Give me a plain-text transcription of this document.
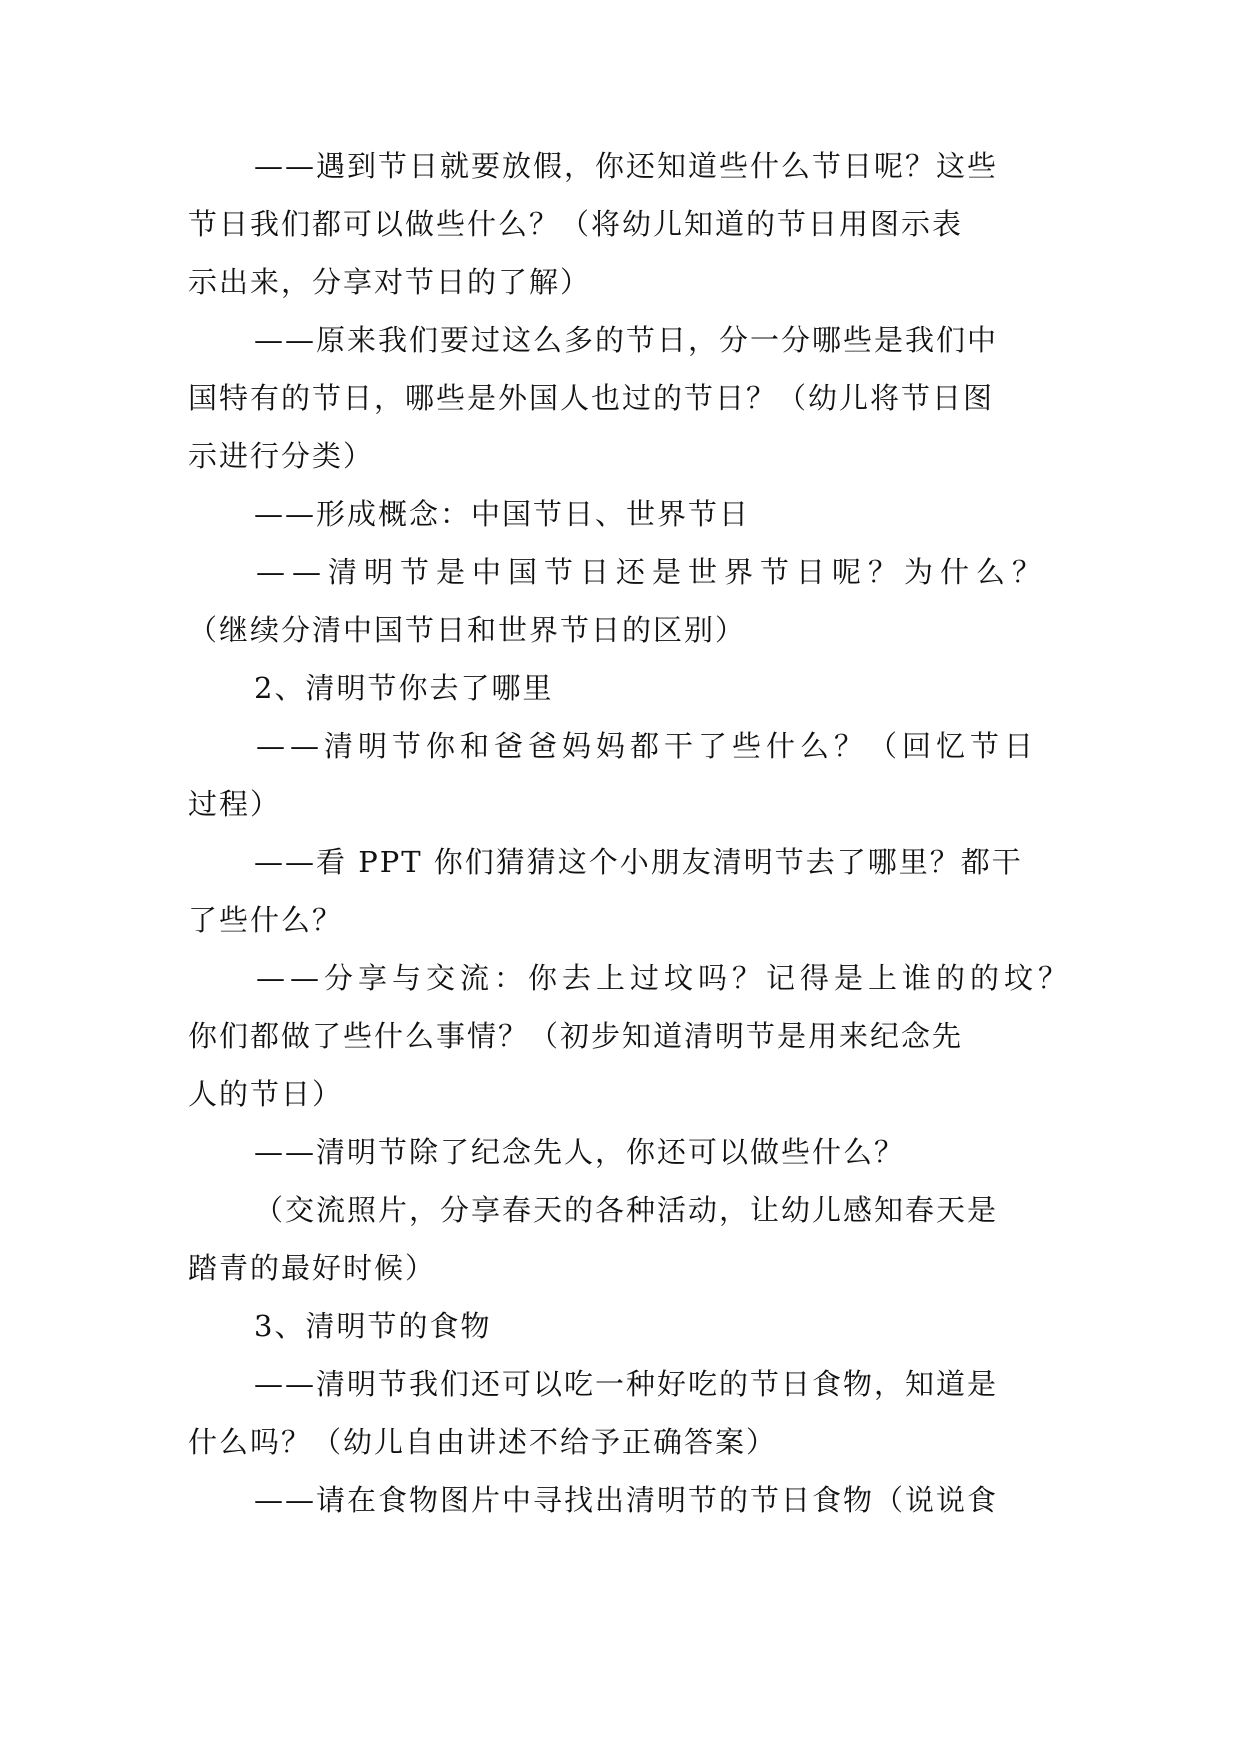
——遇到节日就要放假，你还知道些什么节日呢？这些
节日我们都可以做些什么？（将幼儿知道的节日用图示表
示出来，分享对节日的了解）
——原来我们要过这么多的节日，分一分哪些是我们中
国特有的节日，哪些是外国人也过的节日？（幼儿将节日图
示进行分类）
——形成概念：中国节日、世界节日
——清明节是中国节日还是世界节日呢？为什么？
（继续分清中国节日和世界节日的区别）
2、清明节你去了哪里
——清明节你和爸爸妈妈都干了些什么？（回忆节日
过程）
——看 PPT 你们猜猜这个小朋友清明节去了哪里？都干
了些什么？
——分享与交流：你去上过坟吗？记得是上谁的的坟？
你们都做了些什么事情？（初步知道清明节是用来纪念先
人的节日）
——清明节除了纪念先人，你还可以做些什么？
（交流照片，分享春天的各种活动，让幼儿感知春天是
踏青的最好时候）
3、清明节的食物
——清明节我们还可以吃一种好吃的节日食物，知道是
什么吗？（幼儿自由讲述不给予正确答案）
——请在食物图片中寻找出清明节的节日食物（说说食
